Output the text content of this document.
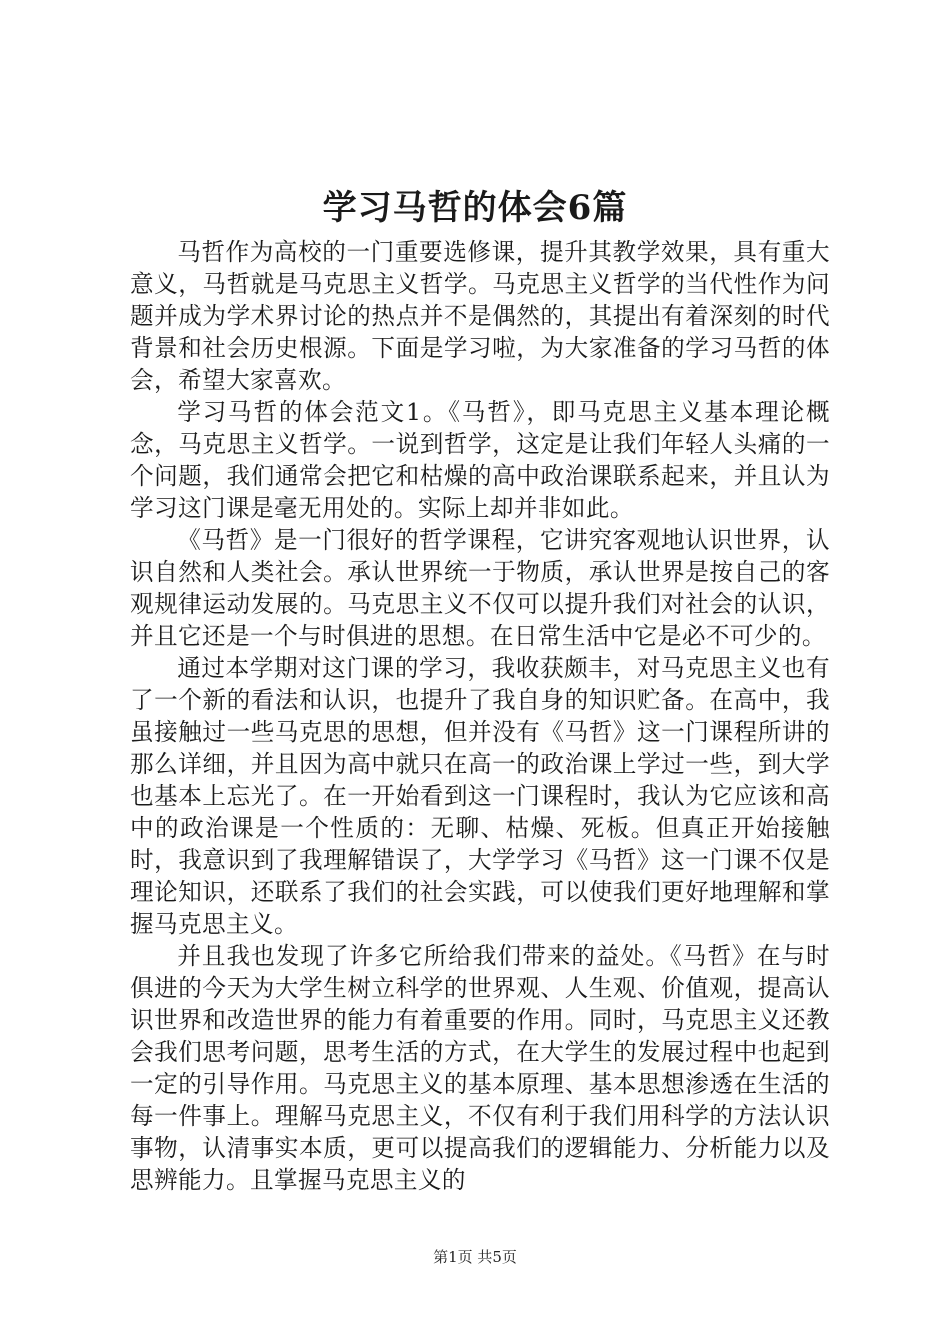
学习马哲的体会6篇

马哲作为高校的一门重要选修课，提升其教学效果，具有重大意义，马哲就是马克思主义哲学。马克思主义哲学的当代性作为问题并成为学术界讨论的热点并不是偶然的，其提出有着深刻的时代背景和社会历史根源。下面是学习啦，为大家准备的学习马哲的体会，希望大家喜欢。

学习马哲的体会范文1。《马哲》，即马克思主义基本理论概念，马克思主义哲学。一说到哲学，这定是让我们年轻人头痛的一个问题，我们通常会把它和枯燥的高中政治课联系起来，并且认为学习这门课是毫无用处的。实际上却并非如此。

《马哲》是一门很好的哲学课程，它讲究客观地认识世界，认识自然和人类社会。承认世界统一于物质，承认世界是按自己的客观规律运动发展的。马克思主义不仅可以提升我们对社会的认识，并且它还是一个与时俱进的思想。在日常生活中它是必不可少的。

通过本学期对这门课的学习，我收获颇丰，对马克思主义也有了一个新的看法和认识，也提升了我自身的知识贮备。在高中，我虽接触过一些马克思的思想，但并没有《马哲》这一门课程所讲的那么详细，并且因为高中就只在高一的政治课上学过一些，到大学也基本上忘光了。在一开始看到这一门课程时，我认为它应该和高中的政治课是一个性质的：无聊、枯燥、死板。但真正开始接触时，我意识到了我理解错误了，大学学习《马哲》这一门课不仅是理论知识，还联系了我们的社会实践，可以使我们更好地理解和掌握马克思主义。

并且我也发现了许多它所给我们带来的益处。《马哲》在与时俱进的今天为大学生树立科学的世界观、人生观、价值观，提高认识世界和改造世界的能力有着重要的作用。同时，马克思主义还教会我们思考问题，思考生活的方式，在大学生的发展过程中也起到一定的引导作用。马克思主义的基本原理、基本思想渗透在生活的每一件事上。理解马克思主义，不仅有利于我们用科学的方法认识事物，认清事实本质，更可以提高我们的逻辑能力、分析能力以及思辨能力。且掌握马克思主义的

第1页 共5页
